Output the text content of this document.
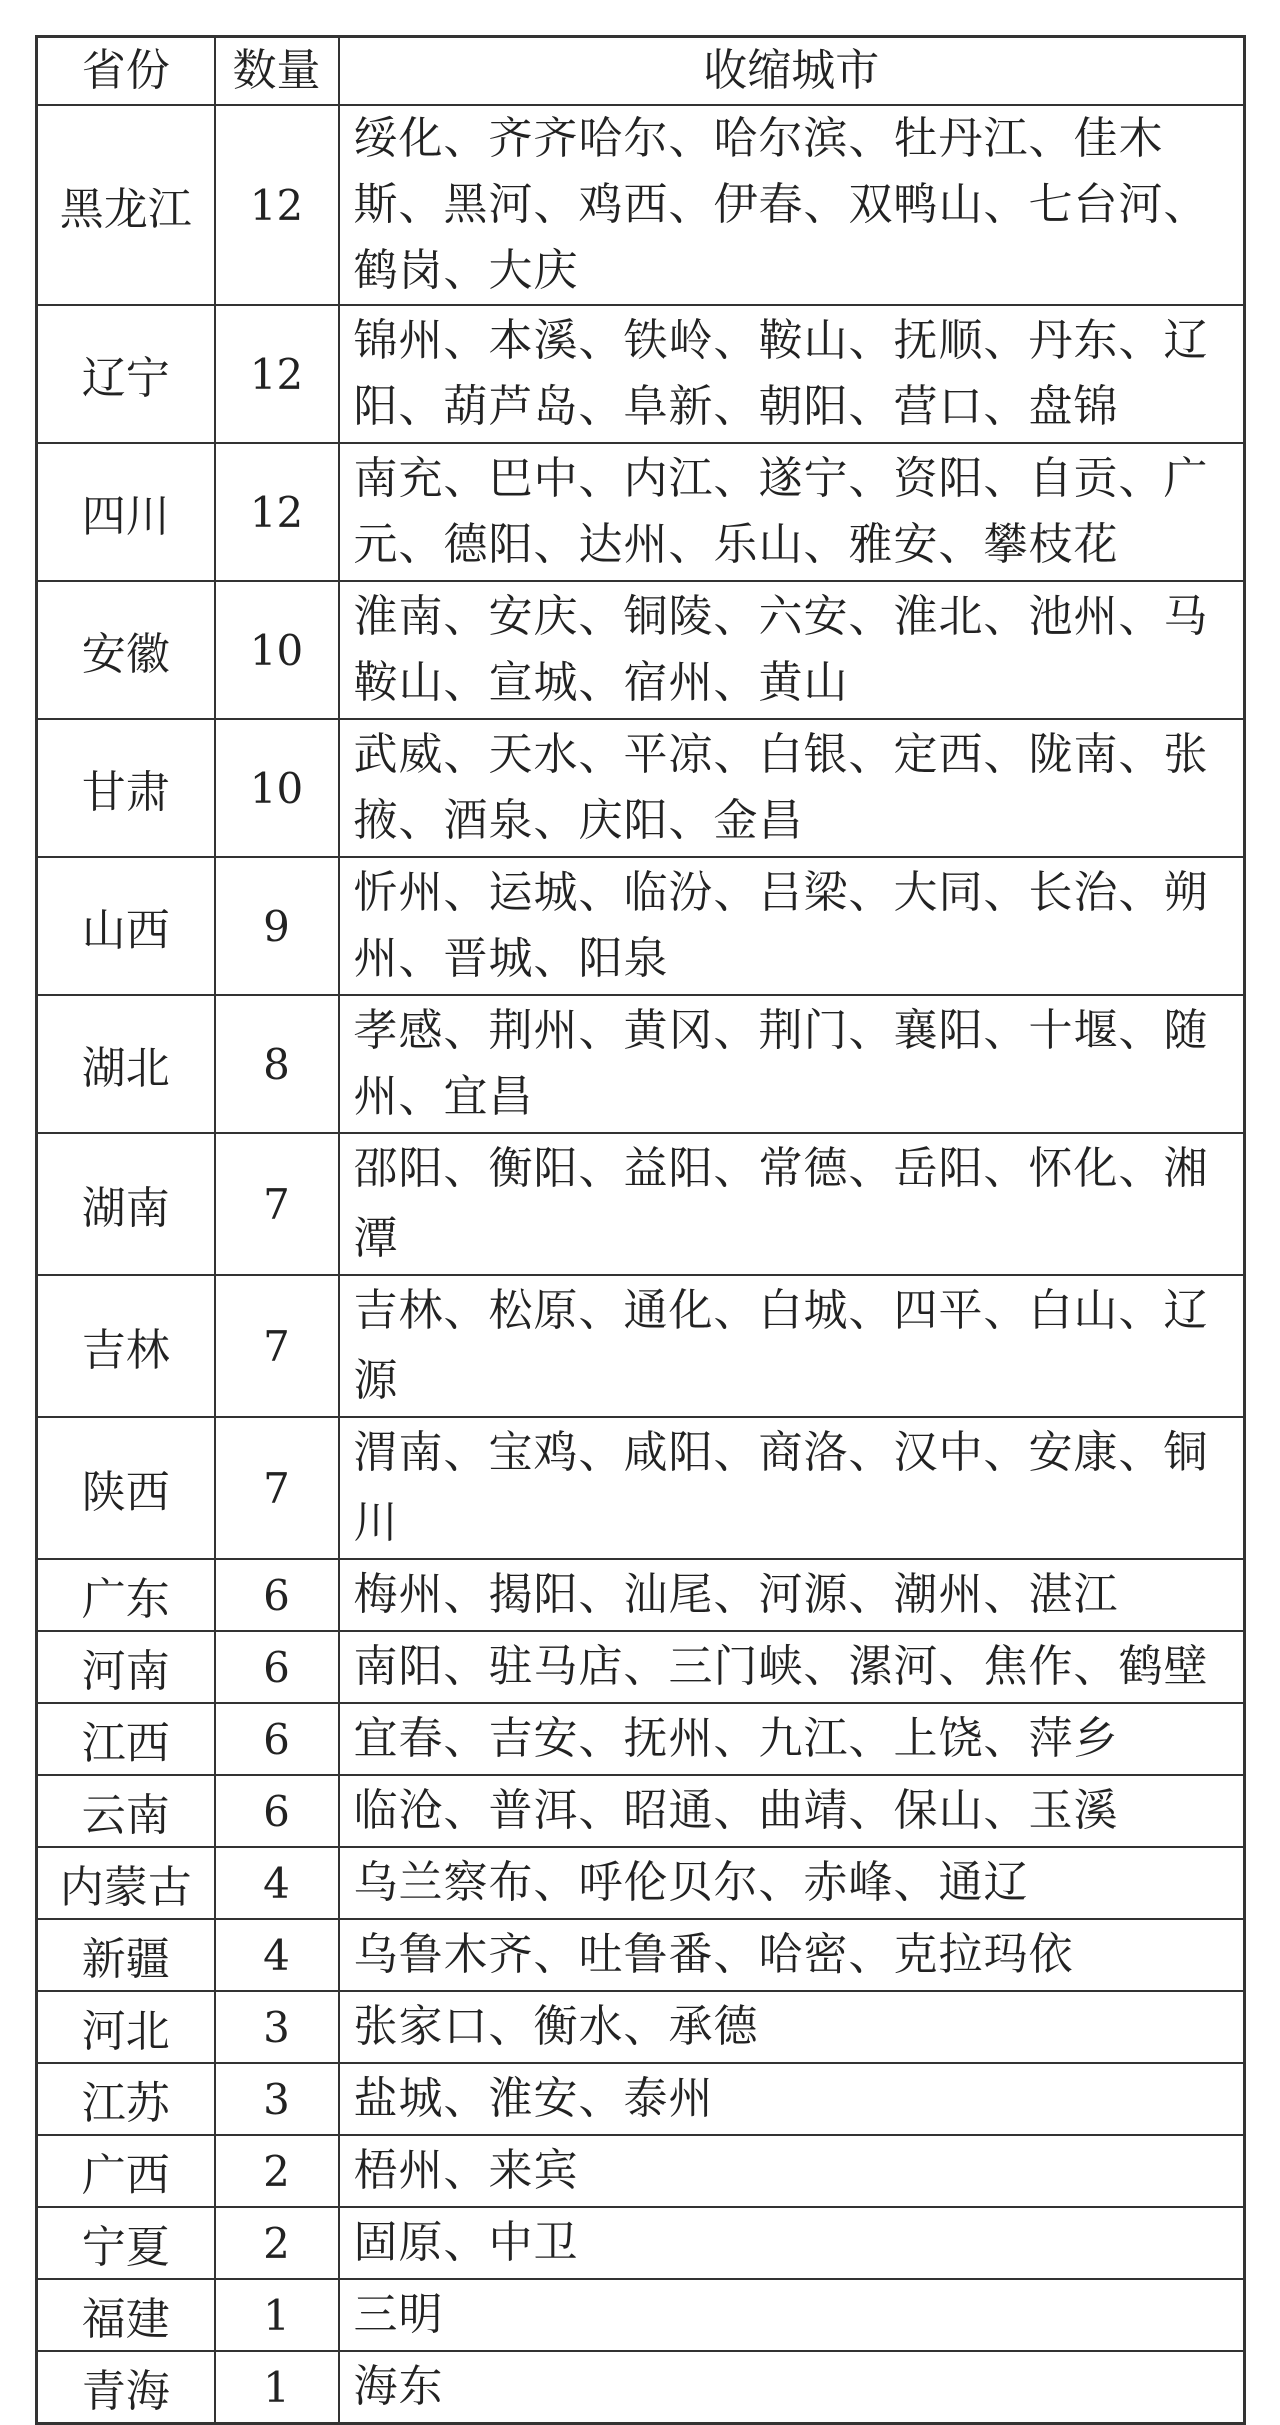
省份	数量	收缩城市
黑龙江	12	绥化、齐齐哈尔、哈尔滨、牡丹江、佳木斯、黑河、鸡西、伊春、双鸭山、七台河、鹤岗、大庆
辽宁	12	锦州、本溪、铁岭、鞍山、抚顺、丹东、辽阳、葫芦岛、阜新、朝阳、营口、盘锦
四川	12	南充、巴中、内江、遂宁、资阳、自贡、广元、德阳、达州、乐山、雅安、攀枝花
安徽	10	淮南、安庆、铜陵、六安、淮北、池州、马鞍山、宣城、宿州、黄山
甘肃	10	武威、天水、平凉、白银、定西、陇南、张掖、酒泉、庆阳、金昌
山西	9	忻州、运城、临汾、吕梁、大同、长治、朔州、晋城、阳泉
湖北	8	孝感、荆州、黄冈、荆门、襄阳、十堰、随州、宜昌
湖南	7	邵阳、衡阳、益阳、常德、岳阳、怀化、湘潭
吉林	7	吉林、松原、通化、白城、四平、白山、辽源
陕西	7	渭南、宝鸡、咸阳、商洛、汉中、安康、铜川
广东	6	梅州、揭阳、汕尾、河源、潮州、湛江
河南	6	南阳、驻马店、三门峡、漯河、焦作、鹤壁
江西	6	宜春、吉安、抚州、九江、上饶、萍乡
云南	6	临沧、普洱、昭通、曲靖、保山、玉溪
内蒙古	4	乌兰察布、呼伦贝尔、赤峰、通辽
新疆	4	乌鲁木齐、吐鲁番、哈密、克拉玛依
河北	3	张家口、衡水、承德
江苏	3	盐城、淮安、泰州
广西	2	梧州、来宾
宁夏	2	固原、中卫
福建	1	三明
青海	1	海东
